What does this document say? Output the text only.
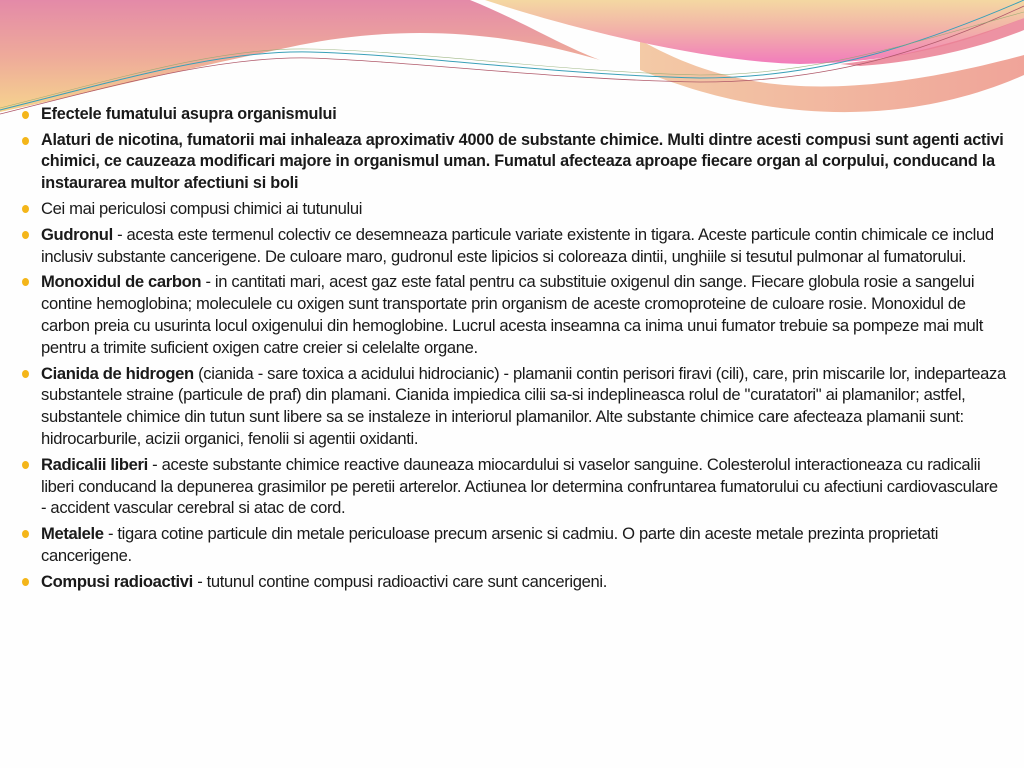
Efectele fumatului asupra organismului
Alaturi de nicotina, fumatorii mai inhaleaza aproximativ 4000 de substante chimice. Multi dintre acesti compusi sunt agenti activi chimici, ce cauzeaza modificari majore in organismul uman. Fumatul afecteaza aproape fiecare organ al corpului, conducand la instaurarea multor afectiuni si boli
Cei mai periculosi compusi chimici ai tutunului
Gudronul - acesta este termenul colectiv ce desemneaza particule variate existente in tigara. Aceste particule contin chimicale ce includ inclusiv substante cancerigene. De culoare maro, gudronul este lipicios si coloreaza dintii, unghiile si tesutul pulmonar al fumatorului.
Monoxidul de carbon - in cantitati mari, acest gaz este fatal pentru ca substituie oxigenul din sange. Fiecare globula rosie a sangelui contine hemoglobina; moleculele cu oxigen sunt transportate prin organism de aceste cromoproteine de culoare rosie. Monoxidul de carbon preia cu usurinta locul oxigenului din hemoglobine. Lucrul acesta inseamna ca inima unui fumator trebuie sa pompeze mai mult pentru a trimite suficient oxigen catre creier si celelalte organe.
Cianida de hidrogen (cianida - sare toxica a acidului hidrocianic) - plamanii contin perisori firavi (cili), care, prin miscarile lor, indeparteaza substantele straine (particule de praf) din plamani. Cianida impiedica cilii sa-si indeplineasca rolul de "curatatori" ai plamanilor; astfel, substantele chimice din tutun sunt libere sa se instaleze in interiorul plamanilor. Alte substante chimice care afecteaza plamanii sunt: hidrocarburile, acizii organici, fenolii si agentii oxidanti.
Radicalii liberi - aceste substante chimice reactive dauneaza miocardului si vaselor sanguine. Colesterolul interactioneaza cu radicalii liberi conducand la depunerea grasimilor pe peretii arterelor. Actiunea lor determina confruntarea fumatorului cu afectiuni cardiovasculare - accident vascular cerebral si atac de cord.
Metalele - tigara cotine particule din metale periculoase precum arsenic si cadmiu. O parte din aceste metale prezinta proprietati cancerigene.
Compusi radioactivi - tutunul contine compusi radioactivi care sunt cancerigeni.
